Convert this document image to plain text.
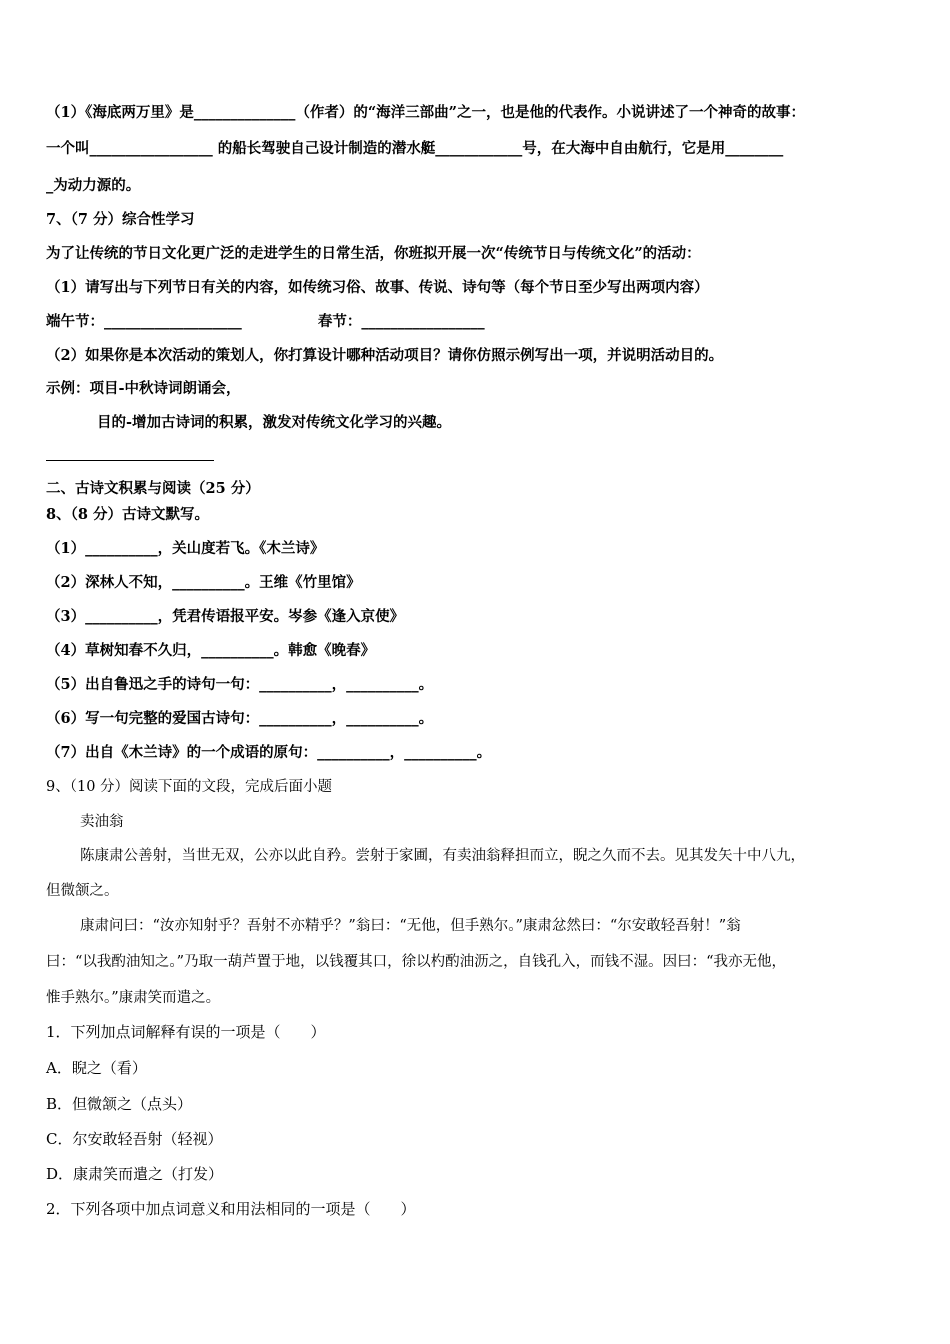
（1）《海底两万里》是______________（作者）的“海洋三部曲”之一，也是他的代表作。小说讲述了一个神奇的故事：
一个叫_________________ 的船长驾驶自己设计制造的潜水艇____________号，在大海中自由航行，它是用________
_为动力源的。
7、（7 分）综合性学习
为了让传统的节日文化更广泛的走进学生的日常生活，你班拟开展一次“传统节日与传统文化”的活动：
（1）请写出与下列节日有关的内容，如传统习俗、故事、传说、诗句等（每个节日至少写出两项内容）
端午节：___________________	春节：_________________
（2）如果你是本次活动的策划人，你打算设计哪种活动项目？请你仿照示例写出一项，并说明活动目的。
示例：项目-中秋诗词朗诵会，
目的-增加古诗词的积累，激发对传统文化学习的兴趣。
二、古诗文积累与阅读（25 分）
8、（8 分）古诗文默写。
（1）__________，关山度若飞。《木兰诗》
（2）深林人不知，__________。王维《竹里馆》
（3）__________，凭君传语报平安。岑参《逢入京使》
（4）草树知春不久归，__________。韩愈《晚春》
（5）出自鲁迅之手的诗句一句：__________，__________。
（6）写一句完整的爱国古诗句：__________，__________。
（7）出自《木兰诗》的一个成语的原句：__________，__________。
9、（10 分）阅读下面的文段，完成后面小题
卖油翁
陈康肃公善射，当世无双，公亦以此自矜。尝射于家圃，有卖油翁释担而立，睨之久而不去。见其发矢十中八九，
但微颔之。
康肃问曰：“汝亦知射乎？吾射不亦精乎？”翁曰：“无他，但手熟尔。”康肃忿然曰：“尔安敢轻吾射！”翁
曰：“以我酌油知之。”乃取一葫芦置于地，以钱覆其口，徐以杓酌油沥之，自钱孔入，而钱不湿。因曰：“我亦无他，
惟手熟尔。”康肃笑而遣之。
1．下列加点词解释有误的一项是（　　）
A．睨之（看）
B．但微颔之（点头）
C．尔安敢轻吾射（轻视）
D．康肃笑而遣之（打发）
2．下列各项中加点词意义和用法相同的一项是（　　）
